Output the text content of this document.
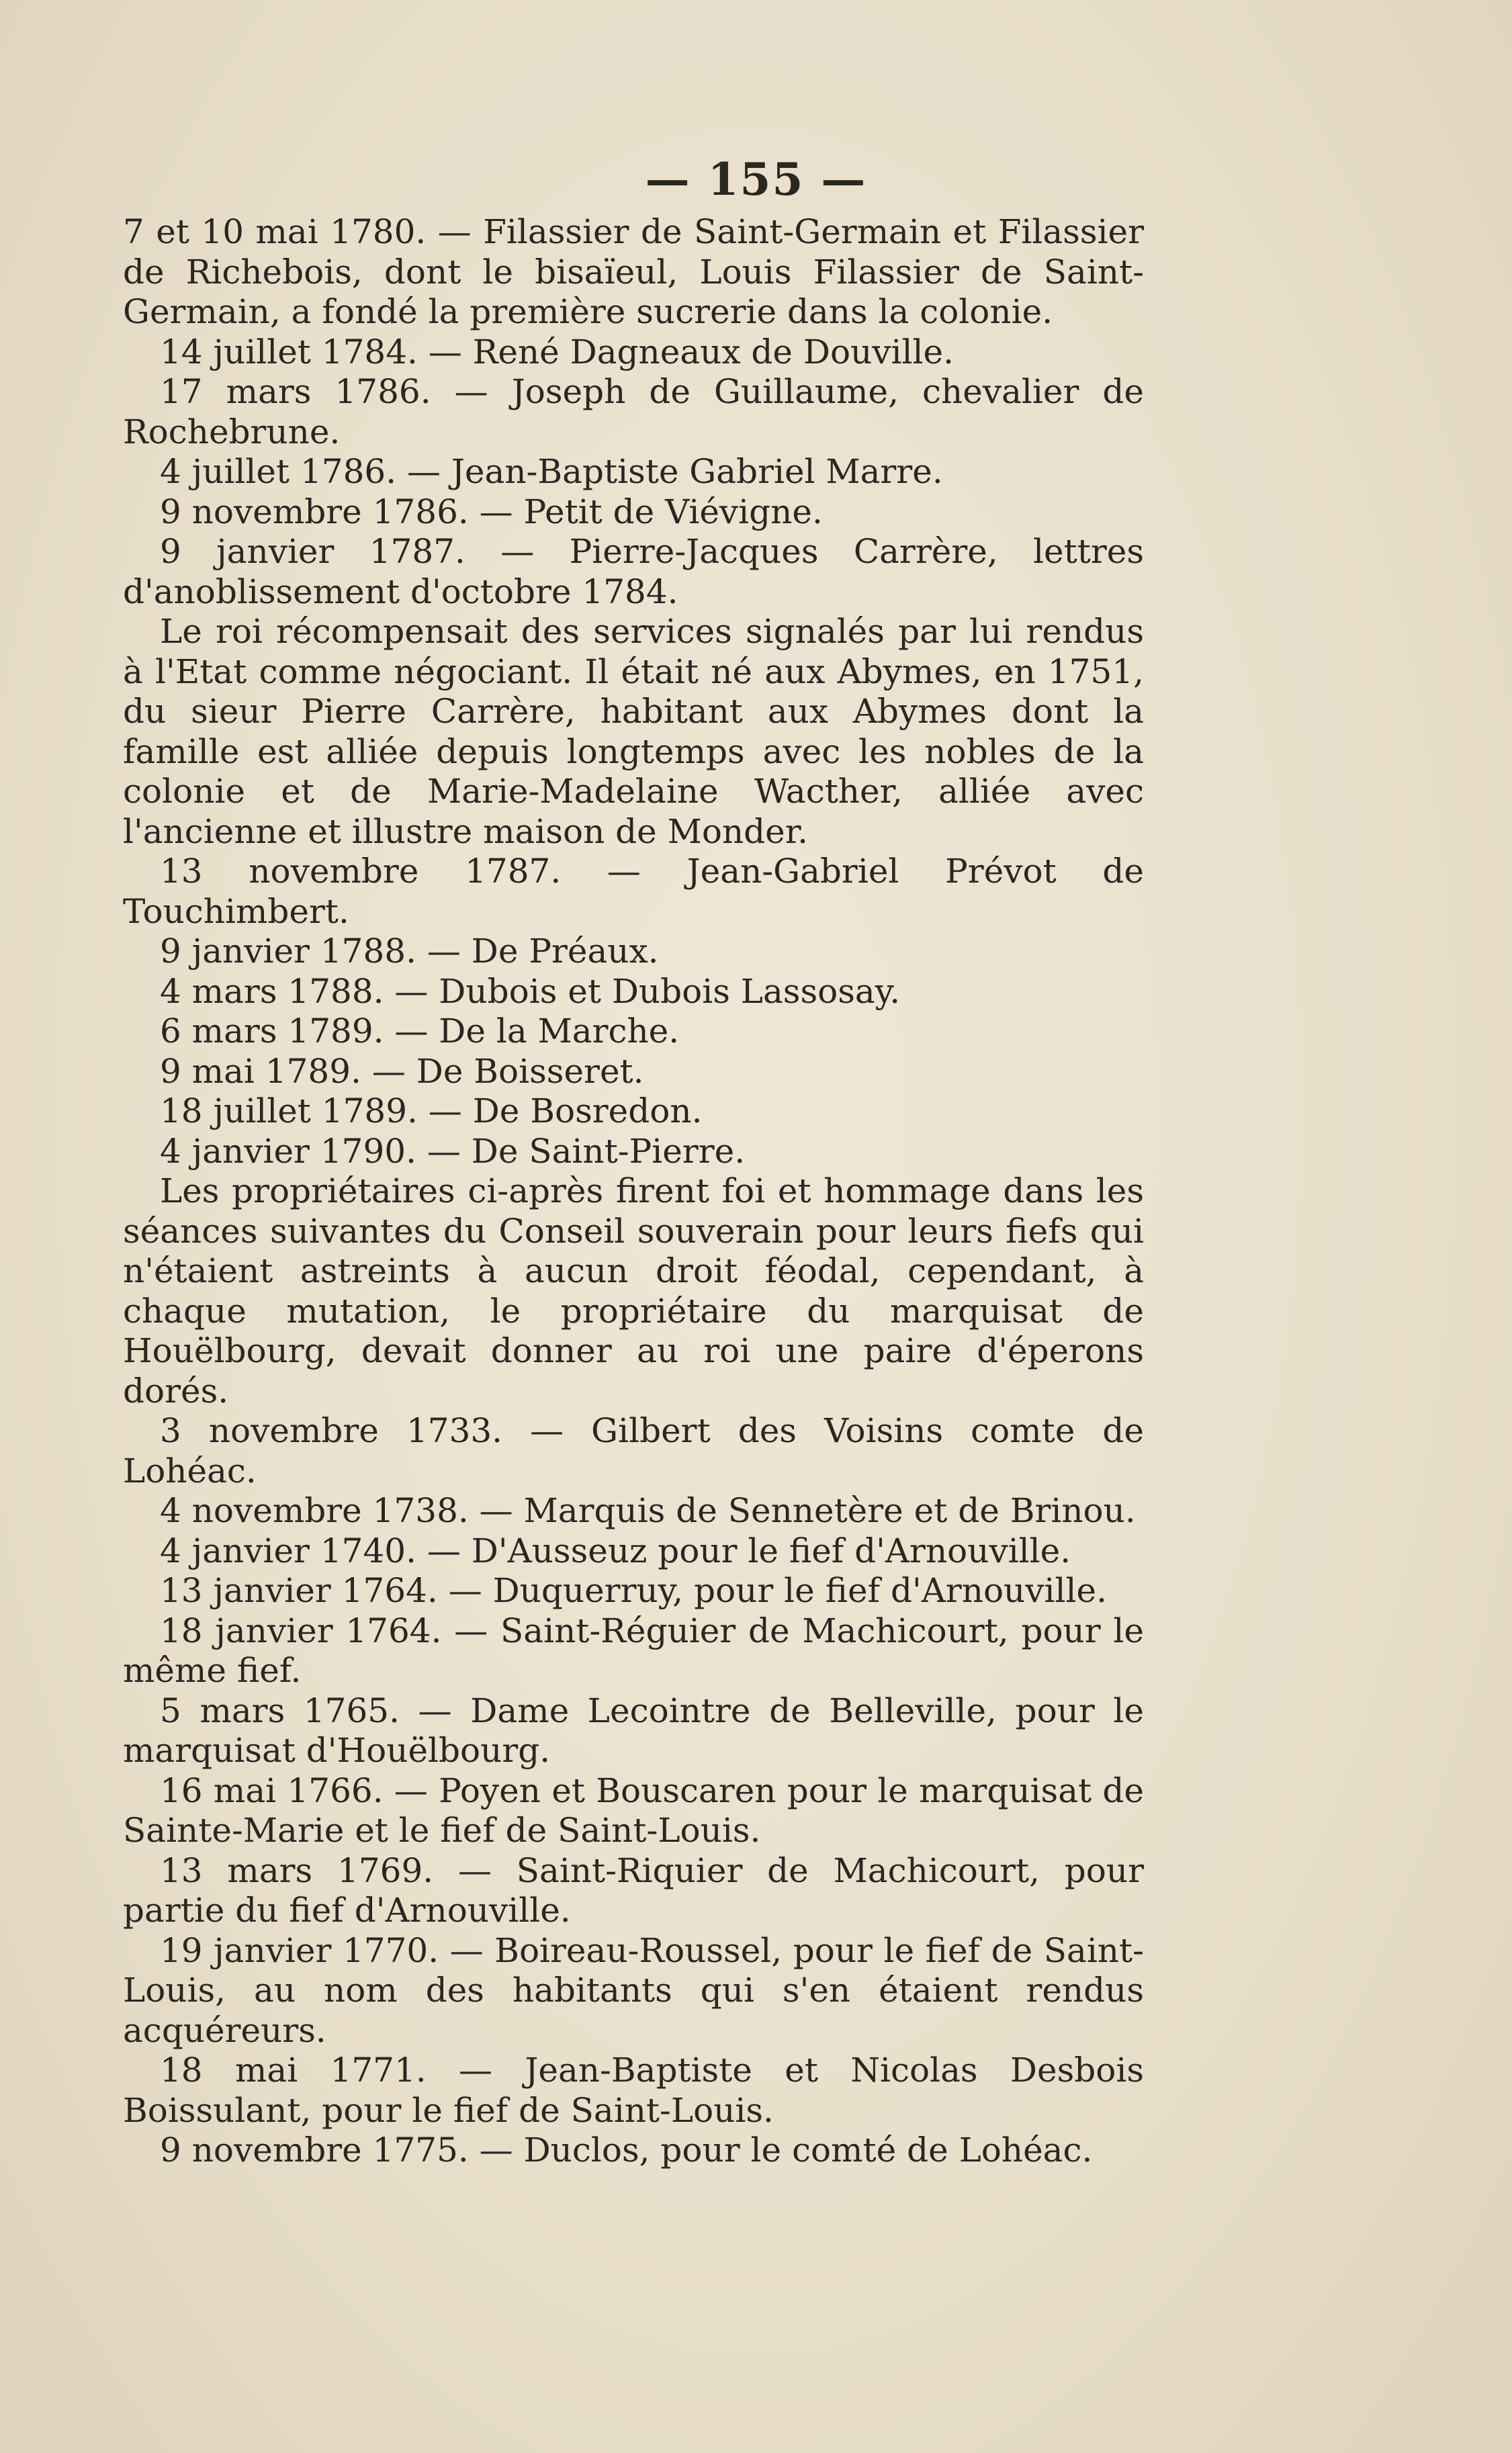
— 155 —

7 et 10 mai 1780. — Filassier de Saint-Germain et Filassier de Richebois, dont le bisaïeul, Louis Filassier de Saint-Germain, a fondé la première sucrerie dans la colonie.

14 juillet 1784. — René Dagneaux de Douville.

17 mars 1786. — Joseph de Guillaume, chevalier de Rochebrune.

4 juillet 1786. — Jean-Baptiste Gabriel Marre.

9 novembre 1786. — Petit de Viévigne.

9 janvier 1787. — Pierre-Jacques Carrère, lettres d'anoblissement d'octobre 1784.

Le roi récompensait des services signalés par lui rendus à l'Etat comme négociant. Il était né aux Abymes, en 1751, du sieur Pierre Carrère, habitant aux Abymes dont la famille est alliée depuis longtemps avec les nobles de la colonie et de Marie-Madelaine Wacther, alliée avec l'ancienne et illustre maison de Monder.

13 novembre 1787. — Jean-Gabriel Prévot de Touchimbert.

9 janvier 1788. — De Préaux.

4 mars 1788. — Dubois et Dubois Lassosay.

6 mars 1789. — De la Marche.

9 mai 1789. — De Boisseret.

18 juillet 1789. — De Bosredon.

4 janvier 1790. — De Saint-Pierre.

Les propriétaires ci-après firent foi et hommage dans les séances suivantes du Conseil souverain pour leurs fiefs qui n'étaient astreints à aucun droit féodal, cependant, à chaque mutation, le propriétaire du marquisat de Houëlbourg, devait donner au roi une paire d'éperons dorés.

3 novembre 1733. — Gilbert des Voisins comte de Lohéac.

4 novembre 1738. — Marquis de Sennetère et de Brinou.

4 janvier 1740. — D'Ausseuz pour le fief d'Arnouville.

13 janvier 1764. — Duquerruy, pour le fief d'Arnouville.

18 janvier 1764. — Saint-Réguier de Machicourt, pour le même fief.

5 mars 1765. — Dame Lecointre de Belleville, pour le marquisat d'Houëlbourg.

16 mai 1766. — Poyen et Bouscaren pour le marquisat de Sainte-Marie et le fief de Saint-Louis.

13 mars 1769. — Saint-Riquier de Machicourt, pour partie du fief d'Arnouville.

19 janvier 1770. — Boireau-Roussel, pour le fief de Saint-Louis, au nom des habitants qui s'en étaient rendus acquéreurs.

18 mai 1771. — Jean-Baptiste et Nicolas Desbois Boissulant, pour le fief de Saint-Louis.

9 novembre 1775. — Duclos, pour le comté de Lohéac.
